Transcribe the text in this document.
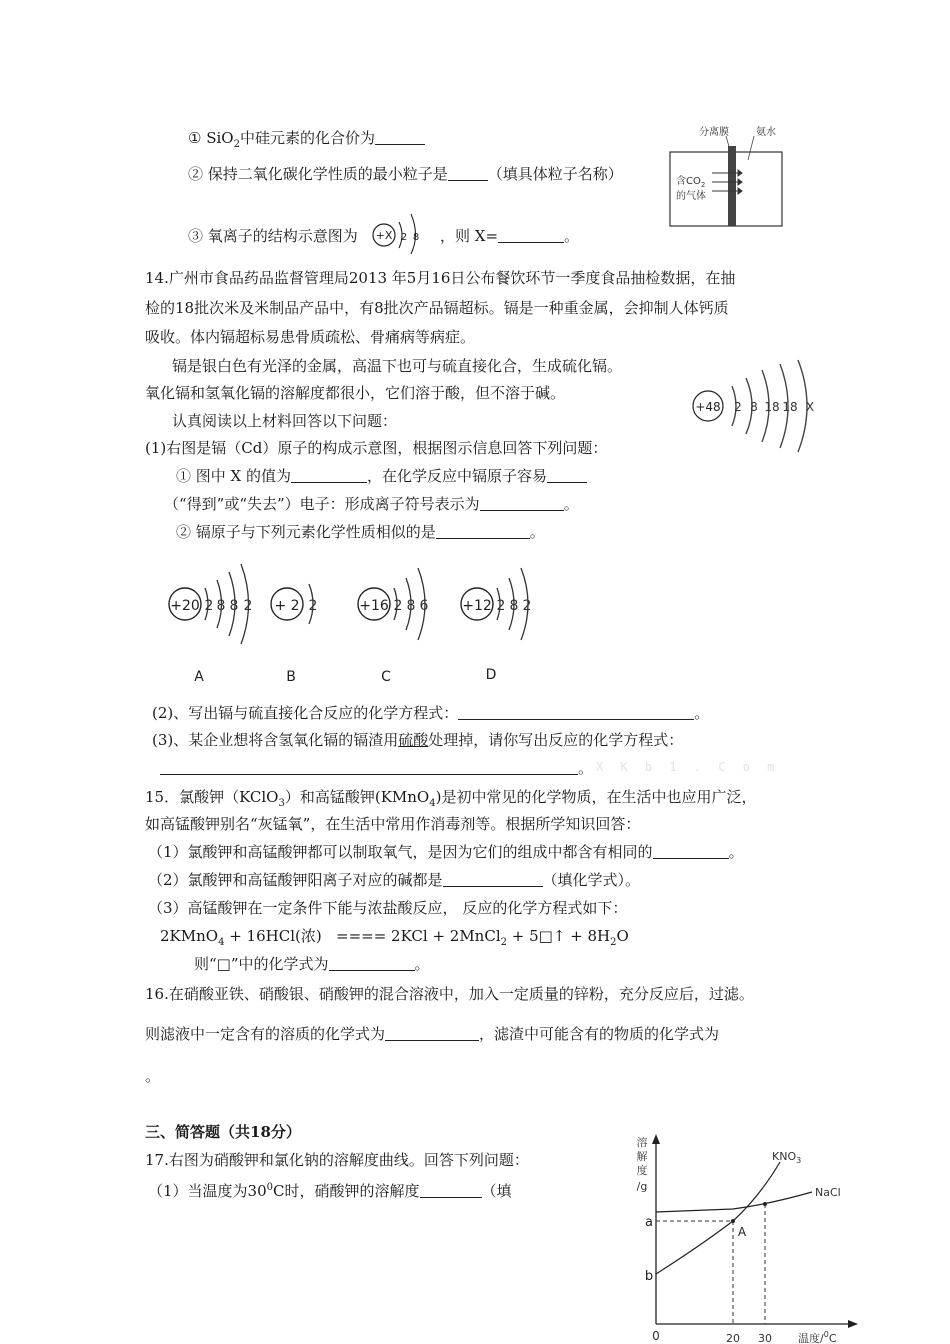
① SiO$_2$中硅元素的化合价为
② 保持二氧化碳化学性质的最小粒子是	（填具体粒子名称）
③ 氧离子的结构示意图为 +X 2 8 ，则 X=	。
分离膜	氨水
含$CO_2$
的气体
14.广州市食品药品监督管理局2013 年5月16日公布餐饮环节一季度食品抽检数据，在抽
检的18批次米及米制品产品中，有8批次产品镉超标。镉是一种重金属，会抑制人体钙质
吸收。体内镉超标易患骨质疏松、骨痛病等病症。
镉是银白色有光泽的金属，高温下也可与硫直接化合，生成硫化镉。
氧化镉和氢氧化镉的溶解度都很小，它们溶于酸，但不溶于碱。
认真阅读以上材料回答以下问题：
(1)右图是镉（Cd）原子的构成示意图，根据图示信息回答下列问题：
① 图中 X 的值为	，在化学反应中镉原子容易
（“得到”或“失去”）电子：形成离子符号表示为	。
② 镉原子与下列元素化学性质相似的是	。
+48 2 8 18 18 X
+20 2 8 8 2
A
+ 2 2
B
+16 2 8 6
C
+12 2 8 2
D
(2)、写出镉与硫直接化合反应的化学方程式：	。
(3)、某企业想将含氢氧化镉的镉渣用硫酸处理掉，请你写出反应的化学方程式：
。 X K b 1 . C o m
15．氯酸钾（KClO$_3$）和高锰酸钾(KMnO$_4$)是初中常见的化学物质，在生活中也应用广泛，
如高锰酸钾别名“灰锰氧”，在生活中常用作消毒剂等。根据所学知识回答：
（1）氯酸钾和高锰酸钾都可以制取氧气，是因为它们的组成中都含有相同的	。
（2）氯酸钾和高锰酸钾阳离子对应的碱都是	（填化学式）。
（3）高锰酸钾在一定条件下能与浓盐酸反应， 反应的化学方程式如下：
2KMnO$_4$ + 16HCl(浓)   ==== 2KCl + 2MnCl$_2$ + 5□↑ + $8H_2O$
则“□”中的化学式为	。
16.在硝酸亚铁、硝酸银、硝酸钾的混合溶液中，加入一定质量的锌粉，充分反应后，过滤。
则滤液中一定含有的溶质的化学式为	，滤渣中可能含有的物质的化学式为
。
三、简答题（共18分）
17.右图为硝酸钾和氯化钠的溶解度曲线。回答下列问题：
（1）当温度为$30^0C$时，硝酸钾的溶解度	（填
溶
解
度
/g
0	20 30 温度/$^0$C
a
b
A
$KNO_3$
NaCl
